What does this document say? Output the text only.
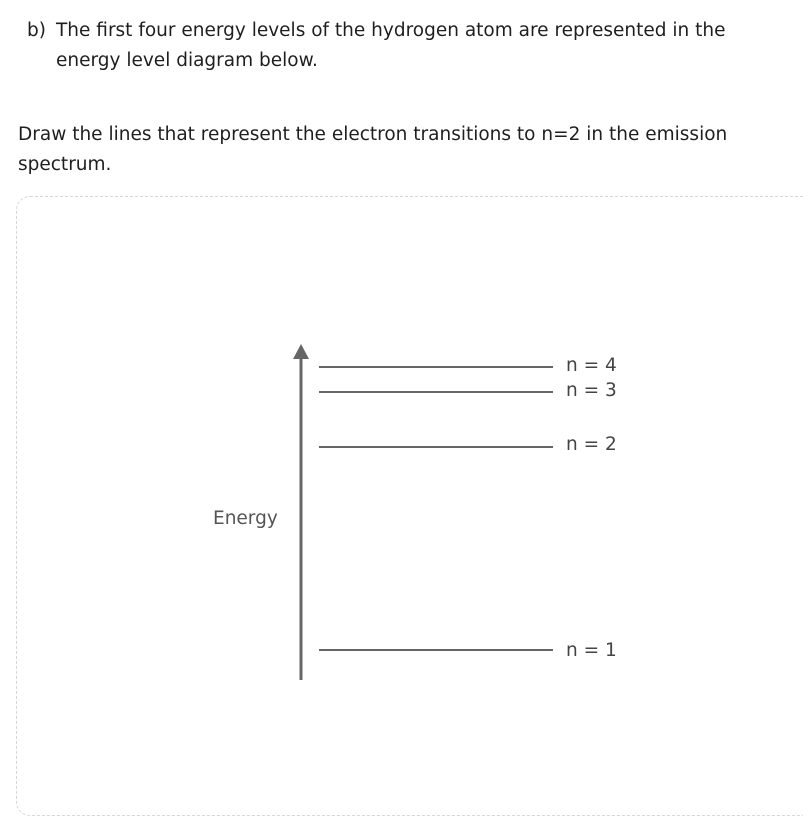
b) The first four energy levels of the hydrogen atom are represented in the energy level diagram below.
Draw the lines that represent the electron transitions to n=2 in the emission spectrum.
Energy
n = 4
n = 3
n = 2
n = 1
